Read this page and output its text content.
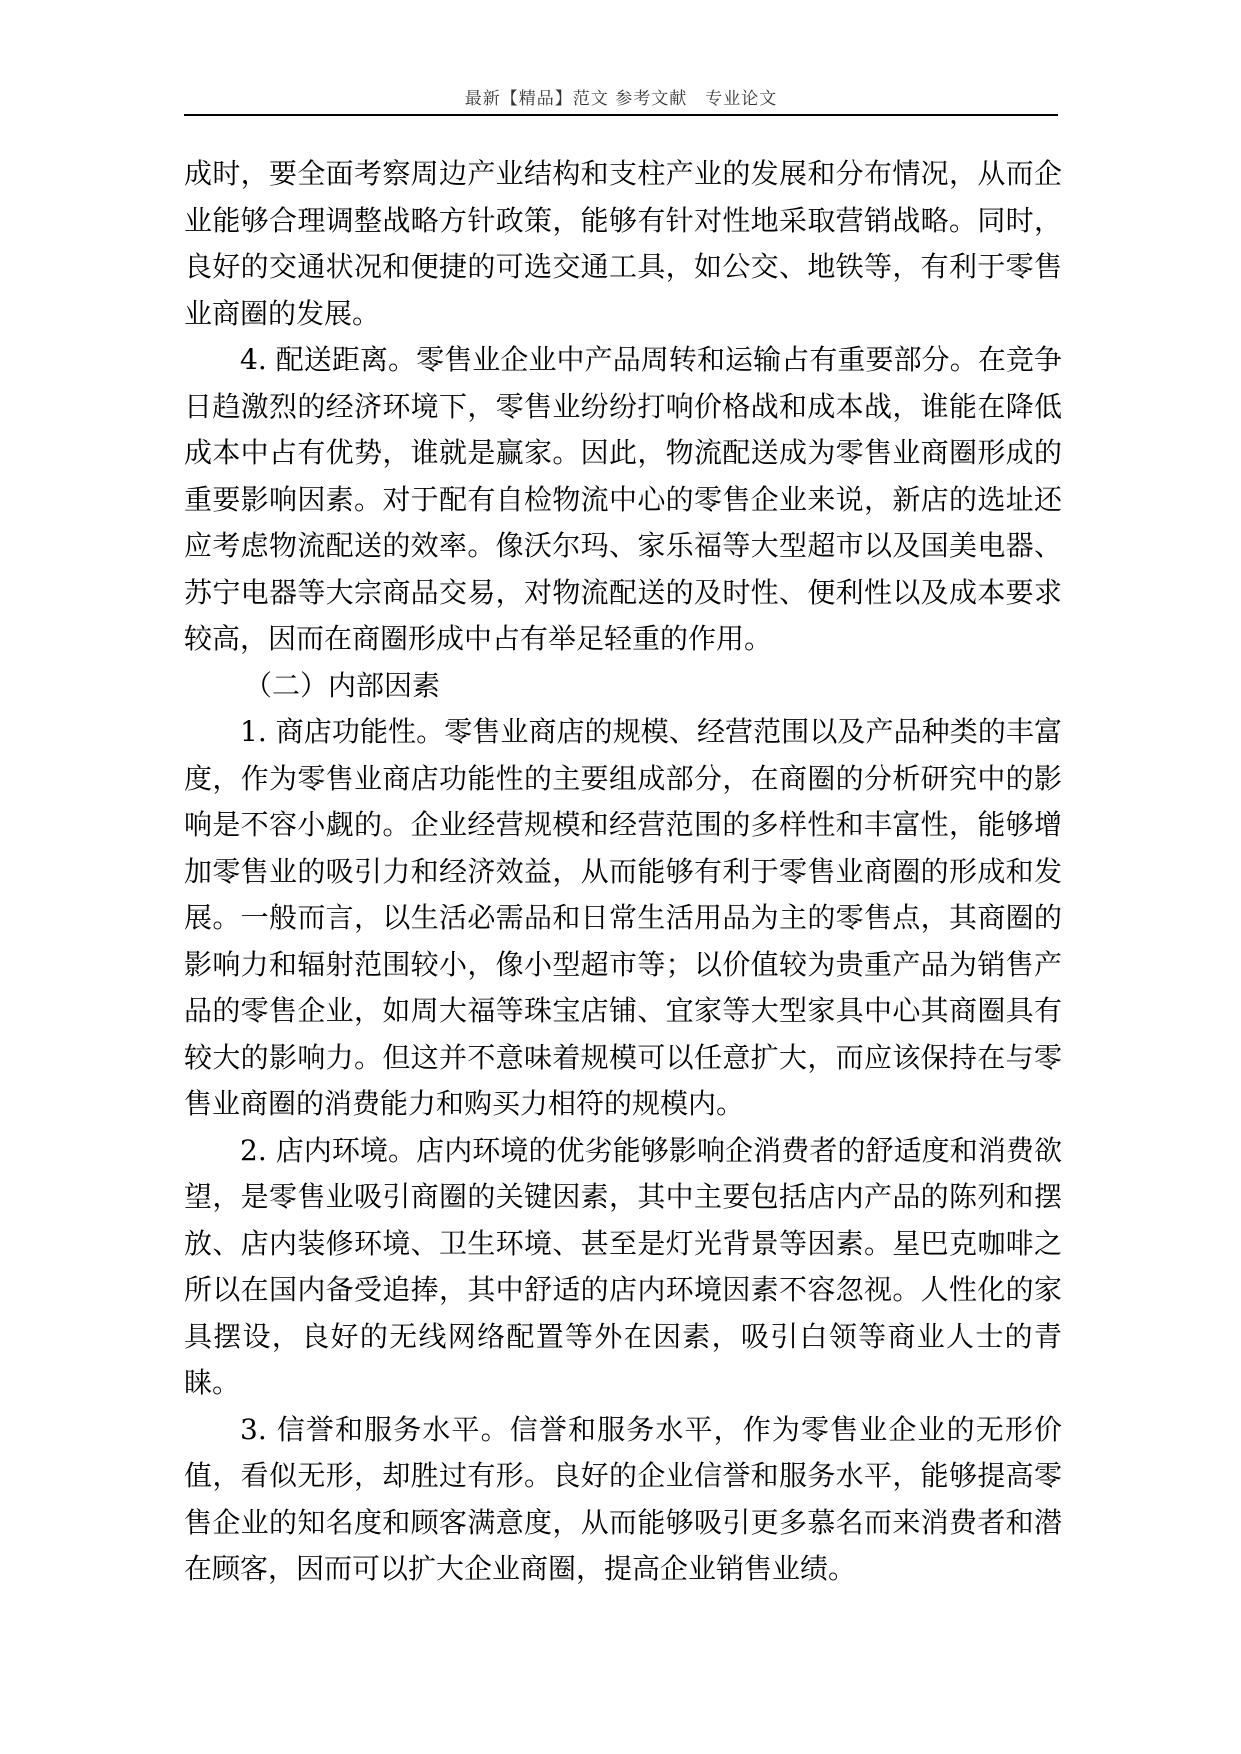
最新【精品】范文 参考文献　专业论文

成时，要全面考察周边产业结构和支柱产业的发展和分布情况，从而企业能够合理调整战略方针政策，能够有针对性地采取营销战略。同时，良好的交通状况和便捷的可选交通工具，如公交、地铁等，有利于零售业商圈的发展。

4. 配送距离。零售业企业中产品周转和运输占有重要部分。在竞争日趋激烈的经济环境下，零售业纷纷打响价格战和成本战，谁能在降低成本中占有优势，谁就是赢家。因此，物流配送成为零售业商圈形成的重要影响因素。对于配有自检物流中心的零售企业来说，新店的选址还应考虑物流配送的效率。像沃尔玛、家乐福等大型超市以及国美电器、苏宁电器等大宗商品交易，对物流配送的及时性、便利性以及成本要求较高，因而在商圈形成中占有举足轻重的作用。

（二）内部因素

1. 商店功能性。零售业商店的规模、经营范围以及产品种类的丰富度，作为零售业商店功能性的主要组成部分，在商圈的分析研究中的影响是不容小觑的。企业经营规模和经营范围的多样性和丰富性，能够增加零售业的吸引力和经济效益，从而能够有利于零售业商圈的形成和发展。一般而言，以生活必需品和日常生活用品为主的零售点，其商圈的影响力和辐射范围较小，像小型超市等；以价值较为贵重产品为销售产品的零售企业，如周大福等珠宝店铺、宜家等大型家具中心其商圈具有较大的影响力。但这并不意味着规模可以任意扩大，而应该保持在与零售业商圈的消费能力和购买力相符的规模内。

2. 店内环境。店内环境的优劣能够影响企消费者的舒适度和消费欲望，是零售业吸引商圈的关键因素，其中主要包括店内产品的陈列和摆放、店内装修环境、卫生环境、甚至是灯光背景等因素。星巴克咖啡之所以在国内备受追捧，其中舒适的店内环境因素不容忽视。人性化的家具摆设，良好的无线网络配置等外在因素，吸引白领等商业人士的青睐。

3. 信誉和服务水平。信誉和服务水平，作为零售业企业的无形价值，看似无形，却胜过有形。良好的企业信誉和服务水平，能够提高零售企业的知名度和顾客满意度，从而能够吸引更多慕名而来消费者和潜在顾客，因而可以扩大企业商圈，提高企业销售业绩。
